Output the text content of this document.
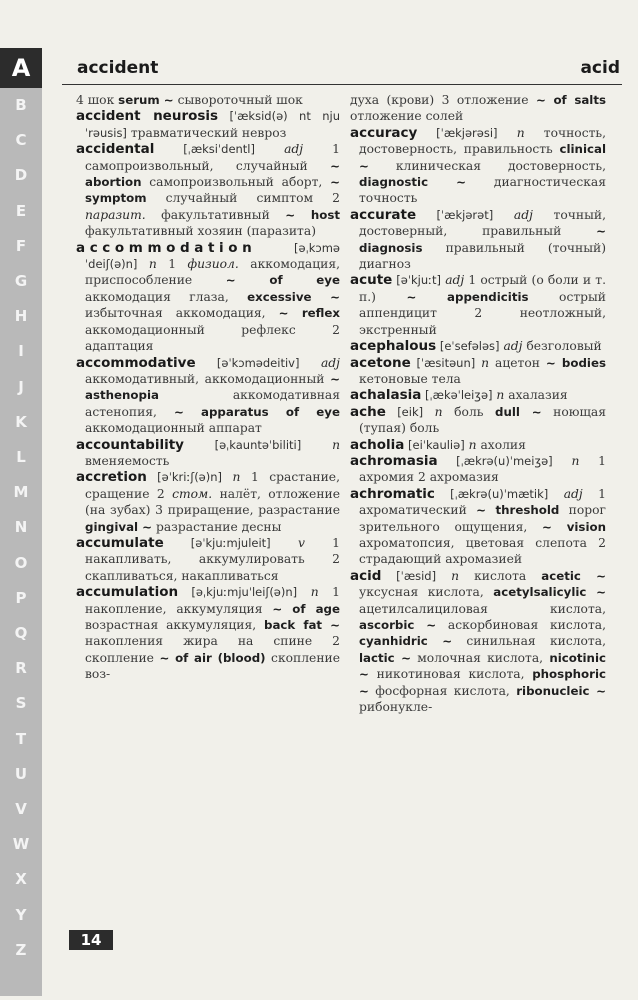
A
B
C
D
E
F
G
H
I
J
K
L
M
N
O
P
Q
R
S
T
U
V
W
X
Y
Z
accident	acid

4 шок serum ~ сывороточный шок

accident neurosis [ˈæksid(ə) nt njuˈrəusis] травматический невроз

accidental [ˌæksiˈdentl] adj 1 самопроизвольный, случайный ~ abortion самопроизвольный аборт, ~ symptom случайный симптом 2 паразит. факультативный ~ host факультативный хозяин (паразита)

accommodation [əˌkɔməˈdeiʃ(ə)n] n 1 физиол. аккомодация, приспособление ~ of eye аккомодация глаза, excessive ~ избыточная аккомодация, ~ reflex аккомодационный рефлекс 2 адаптация

accommodative [əˈkɔmədeitiv] adj аккомодативный, аккомодационный ~ asthenopia аккомодативная астенопия, ~ apparatus of eye аккомодационный аппарат

accountability [əˌkauntəˈbiliti] n вменяемость

accretion [əˈkriːʃ(ə)n] n 1 срастание, сращение 2 стом. налёт, отложение (на зубах) 3 приращение, разрастание gingival ~ разрастание десны

accumulate [əˈkjuːmjuleit] v 1 накапливать, аккумулировать 2 скапливаться, накапливаться

accumulation [əˌkjuːmjuˈleiʃ(ə)n] n 1 накопление, аккумуляция ~ of age возрастная аккумуляция, back fat ~ накопления жира на спине 2 скопление ~ of air (blood) скопление воз-

духа (крови) 3 отложение ~ of salts отложение солей

accuracy [ˈækjərəsi] n точность, достоверность, правильность clinical ~ клиническая достоверность, diagnostic ~ диагностическая точность

accurate [ˈækjərət] adj точный, достоверный, правильный ~ diagnosis правильный (точный) диагноз

acute [əˈkjuːt] adj 1 острый (о боли и т. п.) ~ appendicitis острый аппендицит 2 неотложный, экстренный

acephalous [eˈsefələs] adj безголовый

acetone [ˈæsitəun] n ацетон ~ bodies кетоновые тела

achalasia [ˌækəˈleiʒə] n ахалазия

ache [eik] n боль dull ~ ноющая (тупая) боль

acholia [eiˈkauliə] n ахолия

achromasia [ˌækrə(u)ˈmeiʒə] n 1 ахромия 2 ахромазия

achromatic [ˌækrə(u)ˈmætik] adj 1 ахроматический ~ threshold порог зрительного ощущения, ~ vision ахроматопсия, цветовая слепота 2 страдающий ахромазией

acid [ˈæsid] n кислота acetic ~ уксусная кислота, acetylsalicylic ~ ацетилсалициловая кислота, ascorbic ~ аскорбиновая кислота, cyanhidric ~ синильная кислота, lactic ~ молочная кислота, nicotinic ~ никотиновая кислота, phosphoric ~ фосфорная кислота, ribonucleic ~ рибонукле-

14
